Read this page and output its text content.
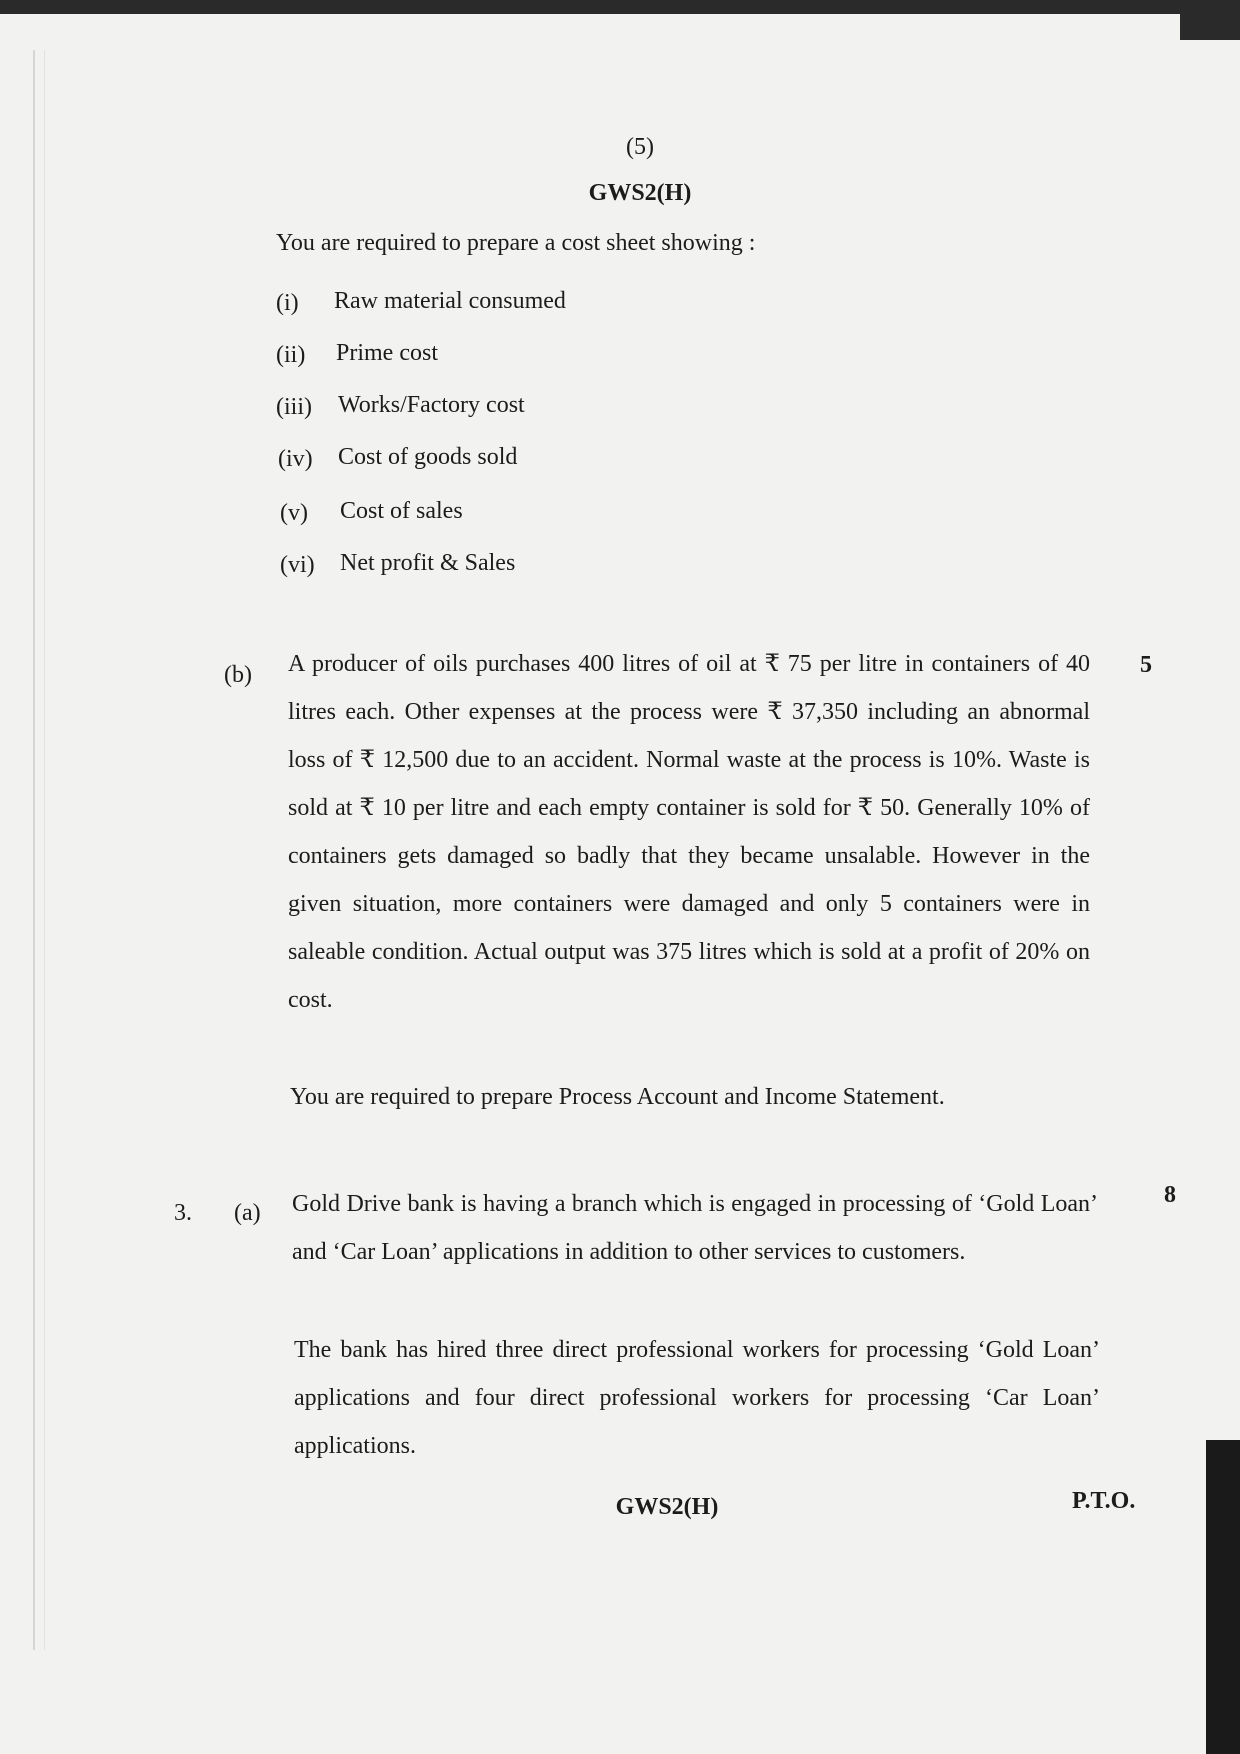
(5)
GWS2(H)
You are required to prepare a cost sheet showing :
(i) Raw material consumed
(ii) Prime cost
(iii) Works/Factory cost
(iv) Cost of goods sold
(v) Cost of sales
(vi) Net profit & Sales
(b)	5
A producer of oils purchases 400 litres of oil at ₹ 75 per litre in containers of 40 litres each. Other expenses at the process were ₹ 37,350 including an abnormal loss of ₹ 12,500 due to an accident. Normal waste at the process is 10%. Waste is sold at ₹ 10 per litre and each empty container is sold for ₹ 50. Generally 10% of containers gets damaged so badly that they became unsalable. However in the given situation, more containers were damaged and only 5 containers were in saleable condition. Actual output was 375 litres which is sold at a profit of 20% on cost.
You are required to prepare Process Account and Income Statement.
3. (a)
8
Gold Drive bank is having a branch which is engaged in processing of ‘Gold Loan’ and ‘Car Loan’ applications in addition to other services to customers.
The bank has hired three direct professional workers for processing ‘Gold Loan’ applications and four direct professional workers for processing ‘Car Loan’ applications.
GWS2(H)	P.T.O.
